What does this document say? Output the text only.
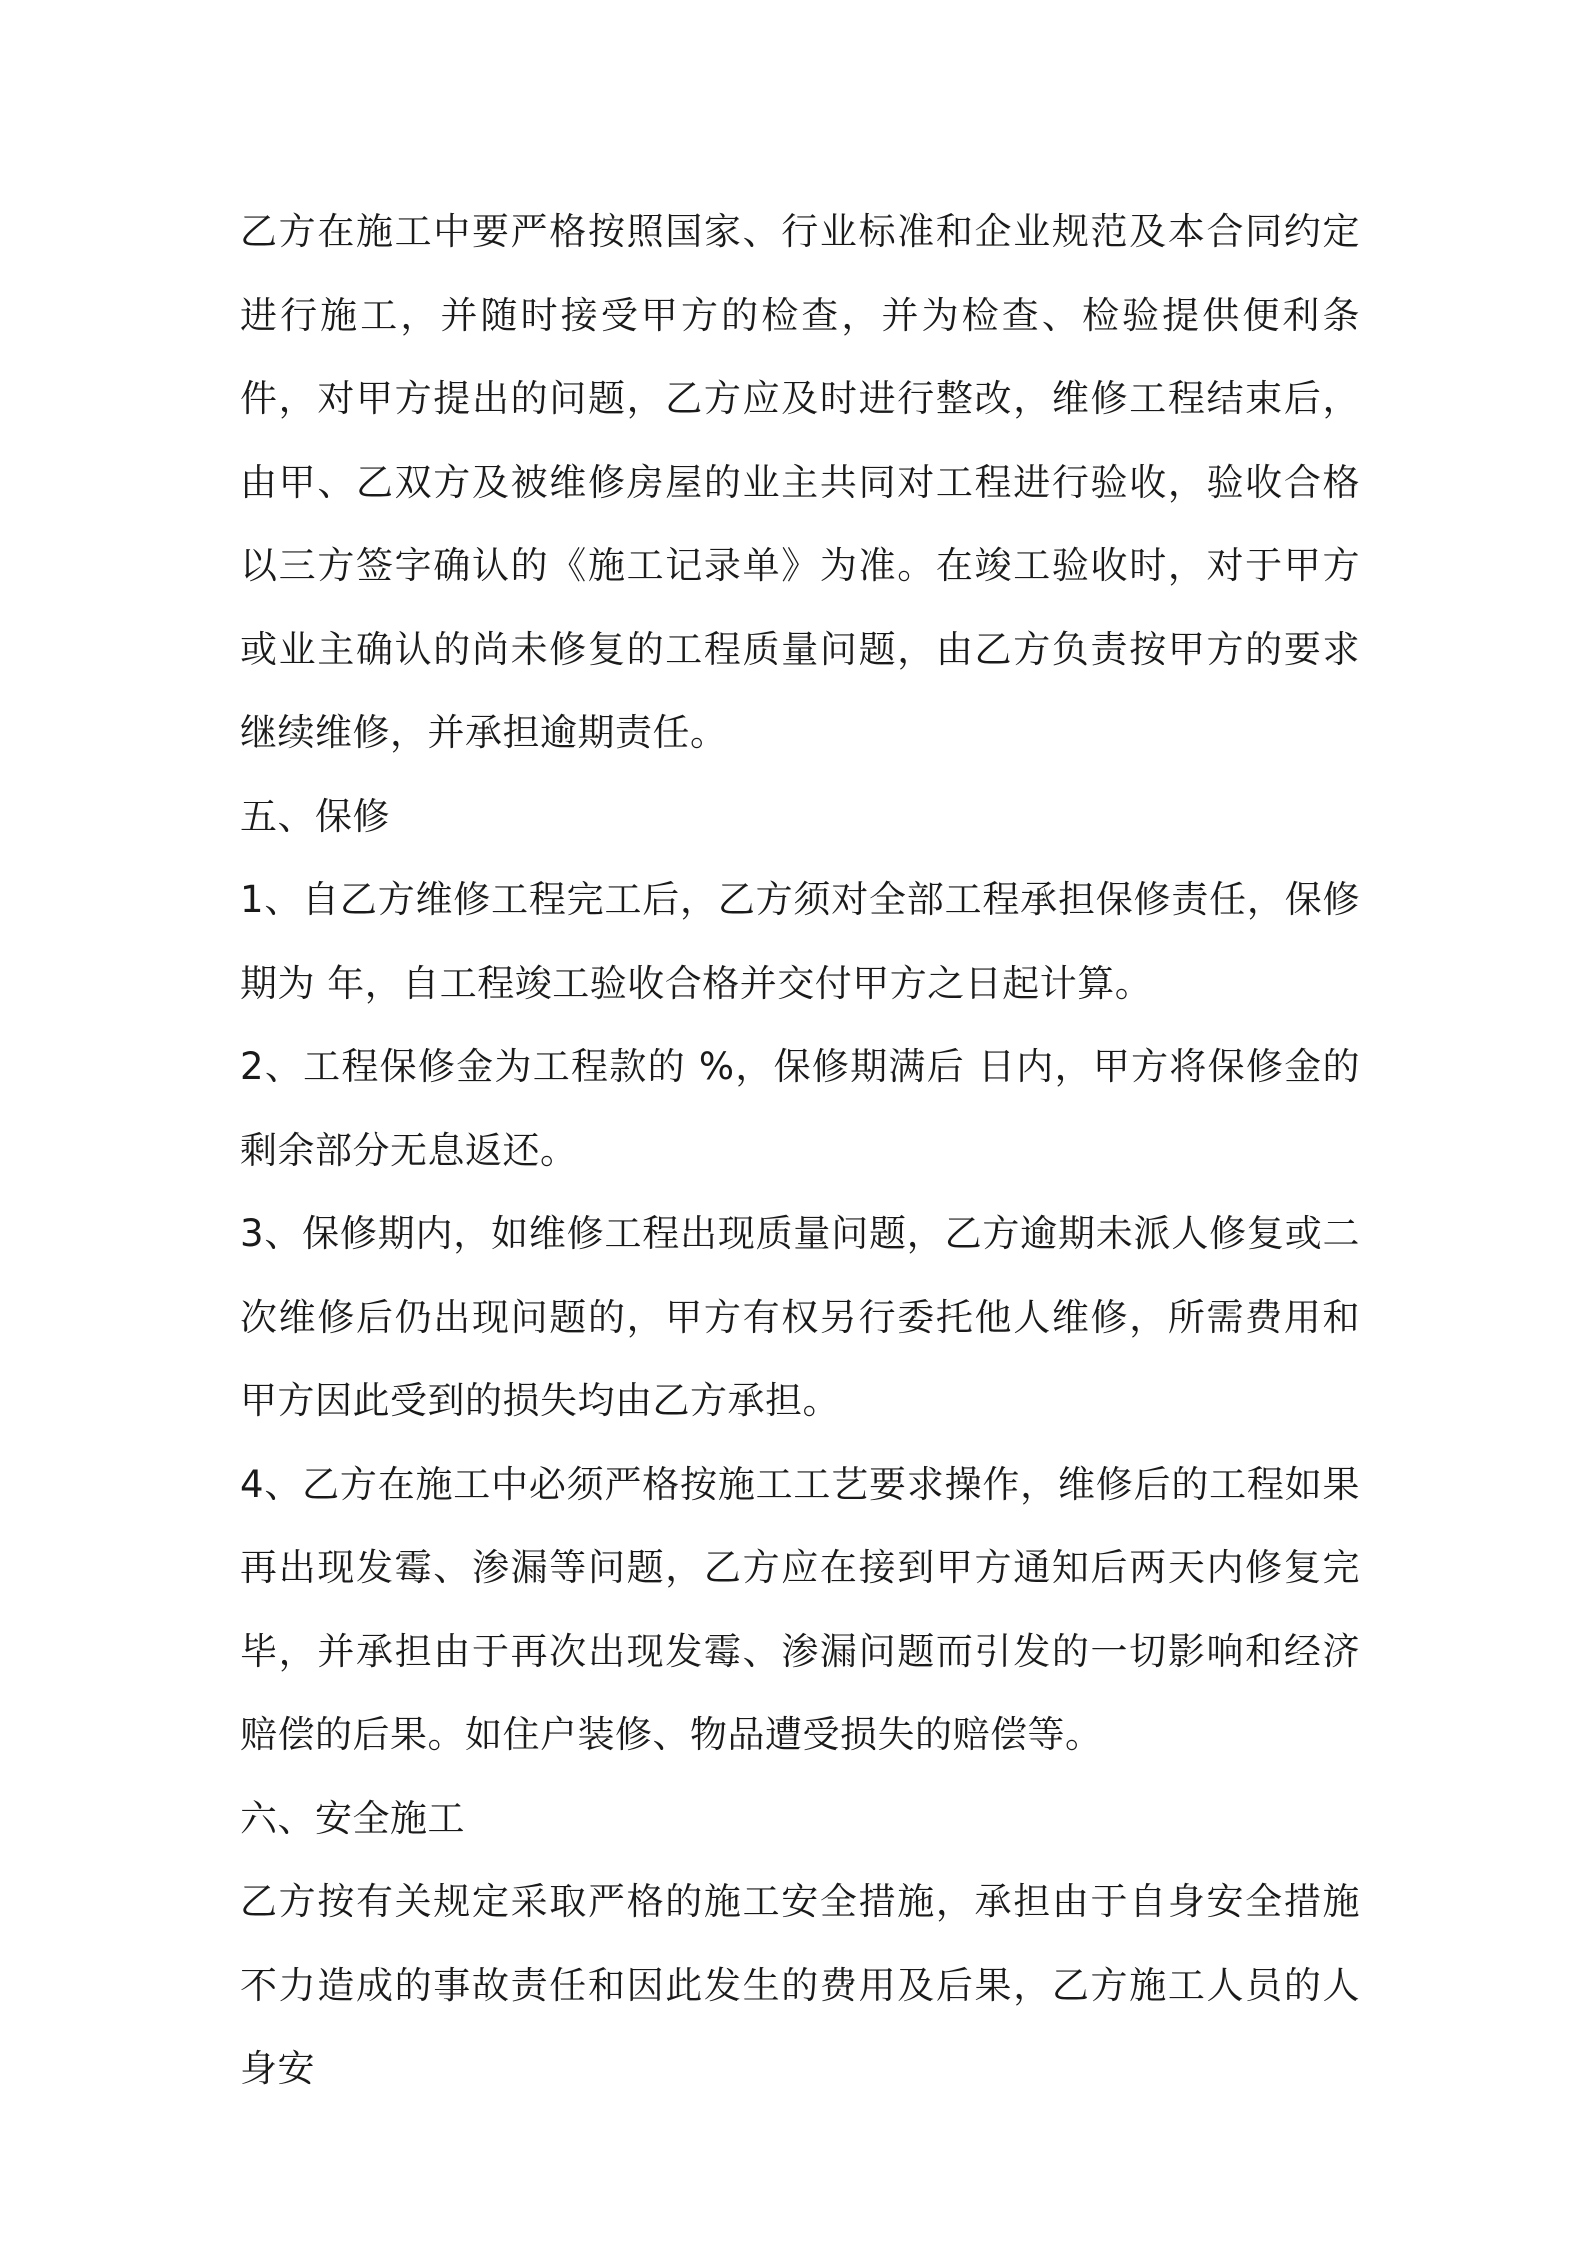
乙方在施工中要严格按照国家、行业标准和企业规范及本合同约定进行施工，并随时接受甲方的检查，并为检查、检验提供便利条件，对甲方提出的问题，乙方应及时进行整改，维修工程结束后，由甲、乙双方及被维修房屋的业主共同对工程进行验收，验收合格以三方签字确认的《施工记录单》为准。在竣工验收时，对于甲方或业主确认的尚未修复的工程质量问题，由乙方负责按甲方的要求继续维修，并承担逾期责任。

五、保修

1、自乙方维修工程完工后，乙方须对全部工程承担保修责任，保修期为 年，自工程竣工验收合格并交付甲方之日起计算。

2、工程保修金为工程款的 %，保修期满后 日内，甲方将保修金的剩余部分无息返还。

3、保修期内，如维修工程出现质量问题，乙方逾期未派人修复或二次维修后仍出现问题的，甲方有权另行委托他人维修，所需费用和甲方因此受到的损失均由乙方承担。

4、乙方在施工中必须严格按施工工艺要求操作，维修后的工程如果再出现发霉、渗漏等问题，乙方应在接到甲方通知后两天内修复完毕，并承担由于再次出现发霉、渗漏问题而引发的一切影响和经济赔偿的后果。如住户装修、物品遭受损失的赔偿等。

六、安全施工

乙方按有关规定采取严格的施工安全措施，承担由于自身安全措施不力造成的事故责任和因此发生的费用及后果，乙方施工人员的人身安
